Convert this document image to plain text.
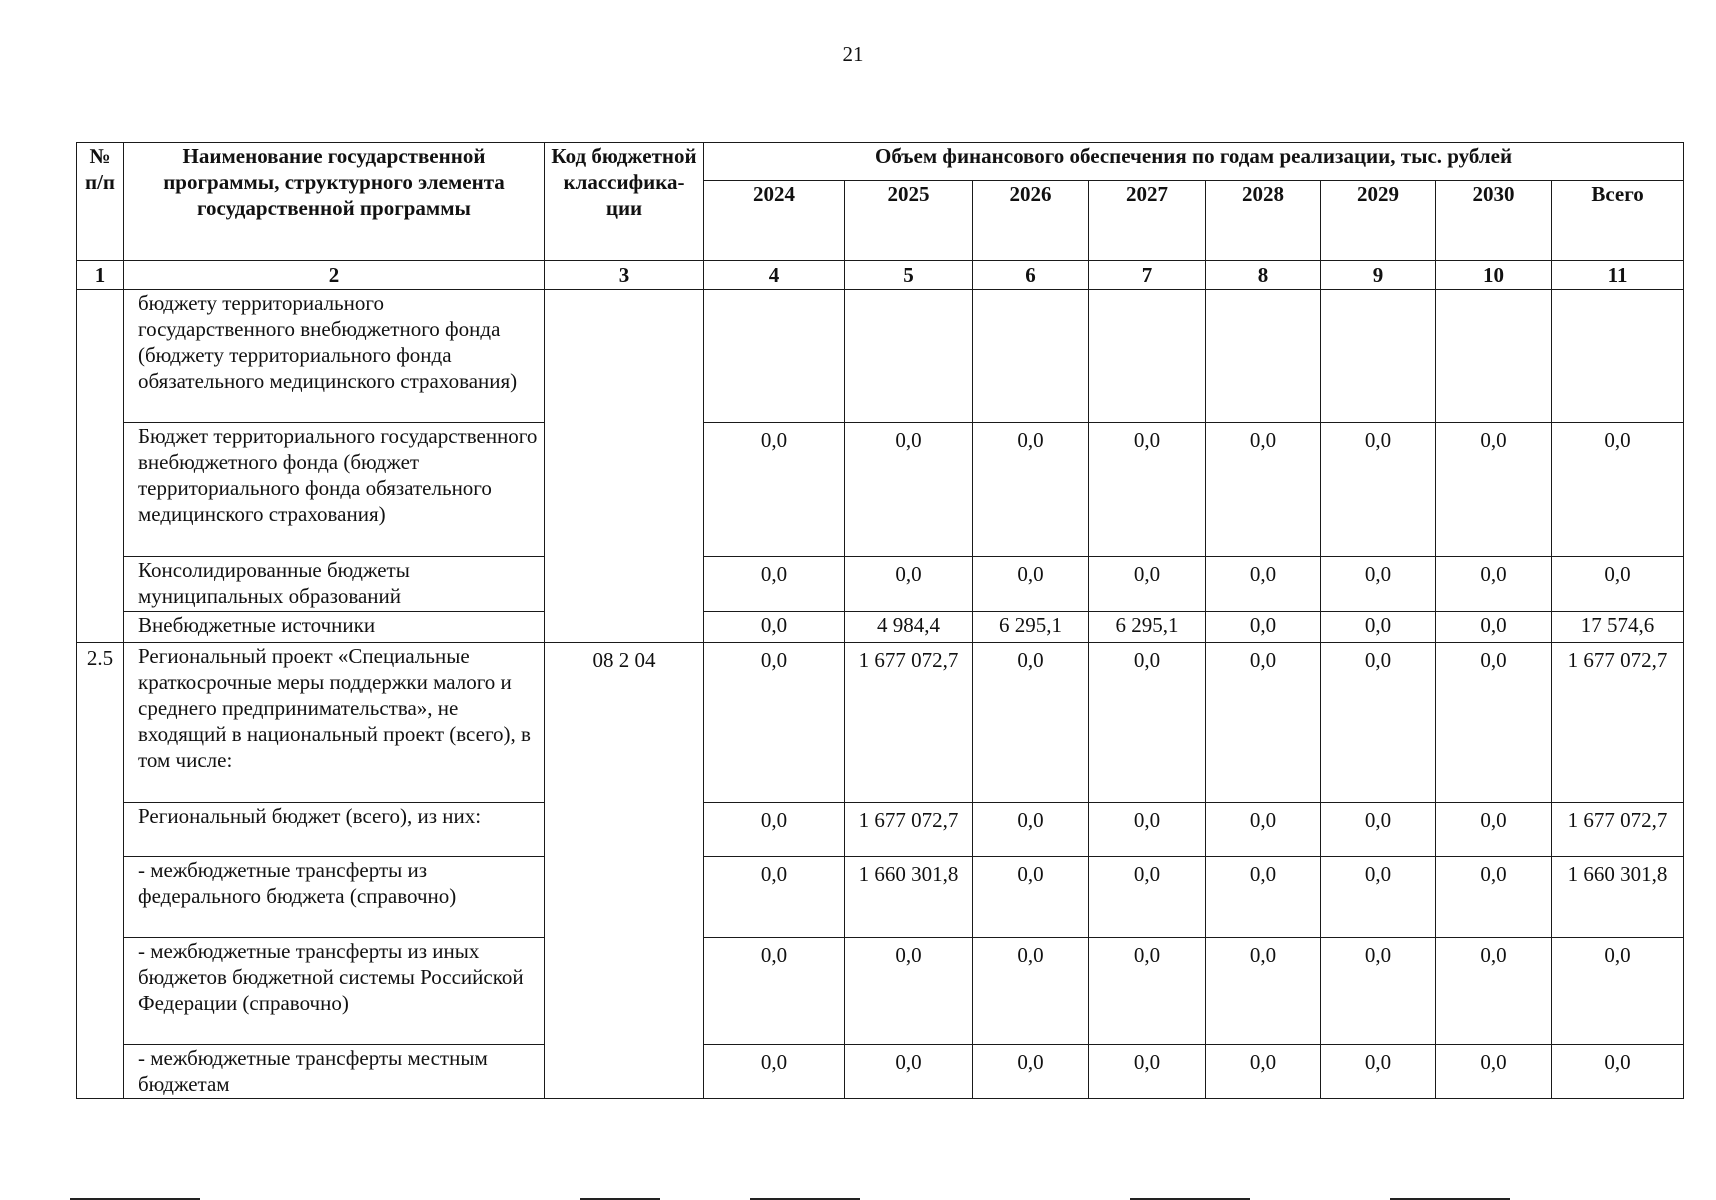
21
№ п/п	Наименование государственной программы, структурного элемента государственной программы	Код бюджетной классифика-ции	Объем финансового обеспечения по годам реализации, тыс. рублей							
			2024	2025	2026	2027	2028	2029	2030	Всего
1	2	3	4	5	6	7	8	9	10	11
	бюджету территориального государственного внебюджетного фонда (бюджету территориального фонда обязательного медицинского страхования)									
	Бюджет территориального государственного внебюджетного фонда (бюджет территориального фонда обязательного медицинского страхования)		0,0	0,0	0,0	0,0	0,0	0,0	0,0	0,0
	Консолидированные бюджеты муниципальных образований		0,0	0,0	0,0	0,0	0,0	0,0	0,0	0,0
	Внебюджетные источники		0,0	4 984,4	6 295,1	6 295,1	0,0	0,0	0,0	17 574,6
2.5	Региональный проект «Специальные краткосрочные меры поддержки малого и среднего предпринимательства», не входящий в национальный проект (всего), в том числе:	08 2 04	0,0	1 677 072,7	0,0	0,0	0,0	0,0	0,0	1 677 072,7
	Региональный бюджет (всего), из них:		0,0	1 677 072,7	0,0	0,0	0,0	0,0	0,0	1 677 072,7
	- межбюджетные трансферты из федерального бюджета (справочно)		0,0	1 660 301,8	0,0	0,0	0,0	0,0	0,0	1 660 301,8
	- межбюджетные трансферты из иных бюджетов бюджетной системы Российской Федерации (справочно)		0,0	0,0	0,0	0,0	0,0	0,0	0,0	0,0
	- межбюджетные трансферты местным бюджетам		0,0	0,0	0,0	0,0	0,0	0,0	0,0	0,0
